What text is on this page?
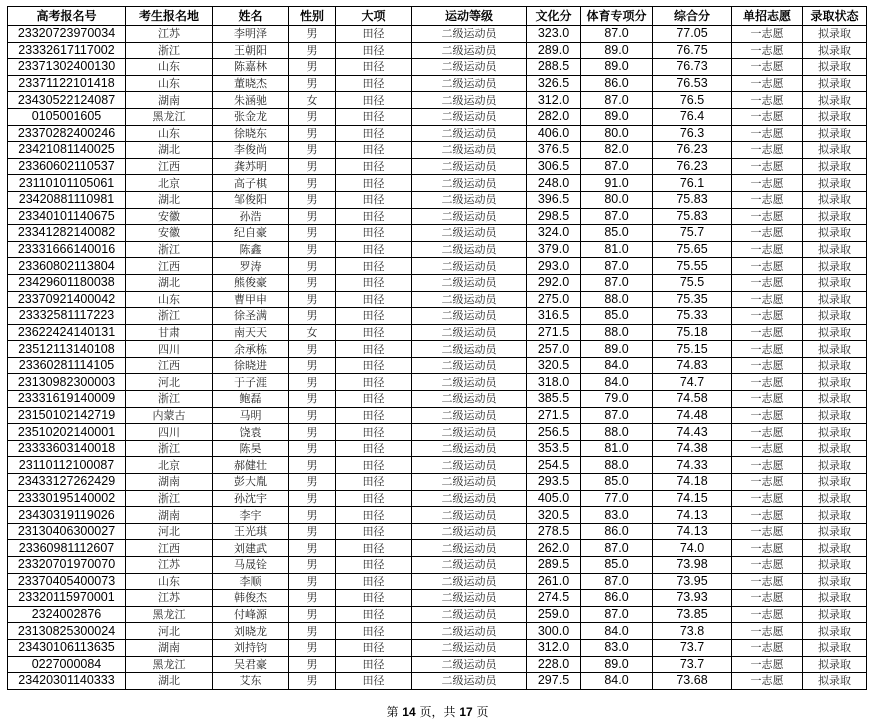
高考报名号	考生报名地	姓名	性别	大项	运动等级	文化分	体育专项分	综合分	单招志愿	录取状态
23320723970034	江苏	李明泽	男	田径	二级运动员	323.0	87.0	77.05	一志愿	拟录取
23332617117002	浙江	王朝阳	男	田径	二级运动员	289.0	89.0	76.75	一志愿	拟录取
23371302400130	山东	陈嘉林	男	田径	二级运动员	288.5	89.0	76.73	一志愿	拟录取
23371122101418	山东	董晓杰	男	田径	二级运动员	326.5	86.0	76.53	一志愿	拟录取
23430522124087	湖南	朱涵驰	女	田径	二级运动员	312.0	87.0	76.5	一志愿	拟录取
0105001605	黑龙江	张金龙	男	田径	二级运动员	282.0	89.0	76.4	一志愿	拟录取
23370282400246	山东	徐晓东	男	田径	二级运动员	406.0	80.0	76.3	一志愿	拟录取
23421081140025	湖北	李俊尚	男	田径	二级运动员	376.5	82.0	76.23	一志愿	拟录取
23360602110537	江西	龚苏明	男	田径	二级运动员	306.5	87.0	76.23	一志愿	拟录取
23110101105061	北京	高子棋	男	田径	二级运动员	248.0	91.0	76.1	一志愿	拟录取
23420881110981	湖北	邹俊阳	男	田径	二级运动员	396.5	80.0	75.83	一志愿	拟录取
23340101140675	安徽	孙浩	男	田径	二级运动员	298.5	87.0	75.83	一志愿	拟录取
23341282140082	安徽	纪自豪	男	田径	二级运动员	324.0	85.0	75.7	一志愿	拟录取
23331666140016	浙江	陈鑫	男	田径	二级运动员	379.0	81.0	75.65	一志愿	拟录取
23360802113804	江西	罗涛	男	田径	二级运动员	293.0	87.0	75.55	一志愿	拟录取
23429601180038	湖北	熊俊豪	男	田径	二级运动员	292.0	87.0	75.5	一志愿	拟录取
23370921400042	山东	曹甲申	男	田径	二级运动员	275.0	88.0	75.35	一志愿	拟录取
23332581117223	浙江	徐圣满	男	田径	二级运动员	316.5	85.0	75.33	一志愿	拟录取
23622424140131	甘肃	南天天	女	田径	二级运动员	271.5	88.0	75.18	一志愿	拟录取
23512113140108	四川	余承栋	男	田径	二级运动员	257.0	89.0	75.15	一志愿	拟录取
23360281114105	江西	徐晓进	男	田径	二级运动员	320.5	84.0	74.83	一志愿	拟录取
23130982300003	河北	于子涯	男	田径	二级运动员	318.0	84.0	74.7	一志愿	拟录取
23331619140009	浙江	鲍磊	男	田径	二级运动员	385.5	79.0	74.58	一志愿	拟录取
23150102142719	内蒙古	马明	男	田径	二级运动员	271.5	87.0	74.48	一志愿	拟录取
23510202140001	四川	饶袁	男	田径	二级运动员	256.5	88.0	74.43	一志愿	拟录取
23333603140018	浙江	陈昊	男	田径	二级运动员	353.5	81.0	74.38	一志愿	拟录取
23110112100087	北京	郝健壮	男	田径	二级运动员	254.5	88.0	74.33	一志愿	拟录取
23433127262429	湖南	彭大胤	男	田径	二级运动员	293.5	85.0	74.18	一志愿	拟录取
23330195140002	浙江	孙沈宇	男	田径	二级运动员	405.0	77.0	74.15	一志愿	拟录取
23430319119026	湖南	李宇	男	田径	二级运动员	320.5	83.0	74.13	一志愿	拟录取
23130406300027	河北	王光琪	男	田径	二级运动员	278.5	86.0	74.13	一志愿	拟录取
23360981112607	江西	刘建武	男	田径	二级运动员	262.0	87.0	74.0	一志愿	拟录取
23320701970070	江苏	马晟铨	男	田径	二级运动员	289.5	85.0	73.98	一志愿	拟录取
23370405400073	山东	李顺	男	田径	二级运动员	261.0	87.0	73.95	一志愿	拟录取
23320115970001	江苏	韩俊杰	男	田径	二级运动员	274.5	86.0	73.93	一志愿	拟录取
2324002876	黑龙江	付峰源	男	田径	二级运动员	259.0	87.0	73.85	一志愿	拟录取
23130825300024	河北	刘晓龙	男	田径	二级运动员	300.0	84.0	73.8	一志愿	拟录取
23430106113635	湖南	刘持钧	男	田径	二级运动员	312.0	83.0	73.7	一志愿	拟录取
0227000084	黑龙江	吴君豪	男	田径	二级运动员	228.0	89.0	73.7	一志愿	拟录取
23420301140333	湖北	艾东	男	田径	二级运动员	297.5	84.0	73.68	一志愿	拟录取
第 14 页，共 17 页
